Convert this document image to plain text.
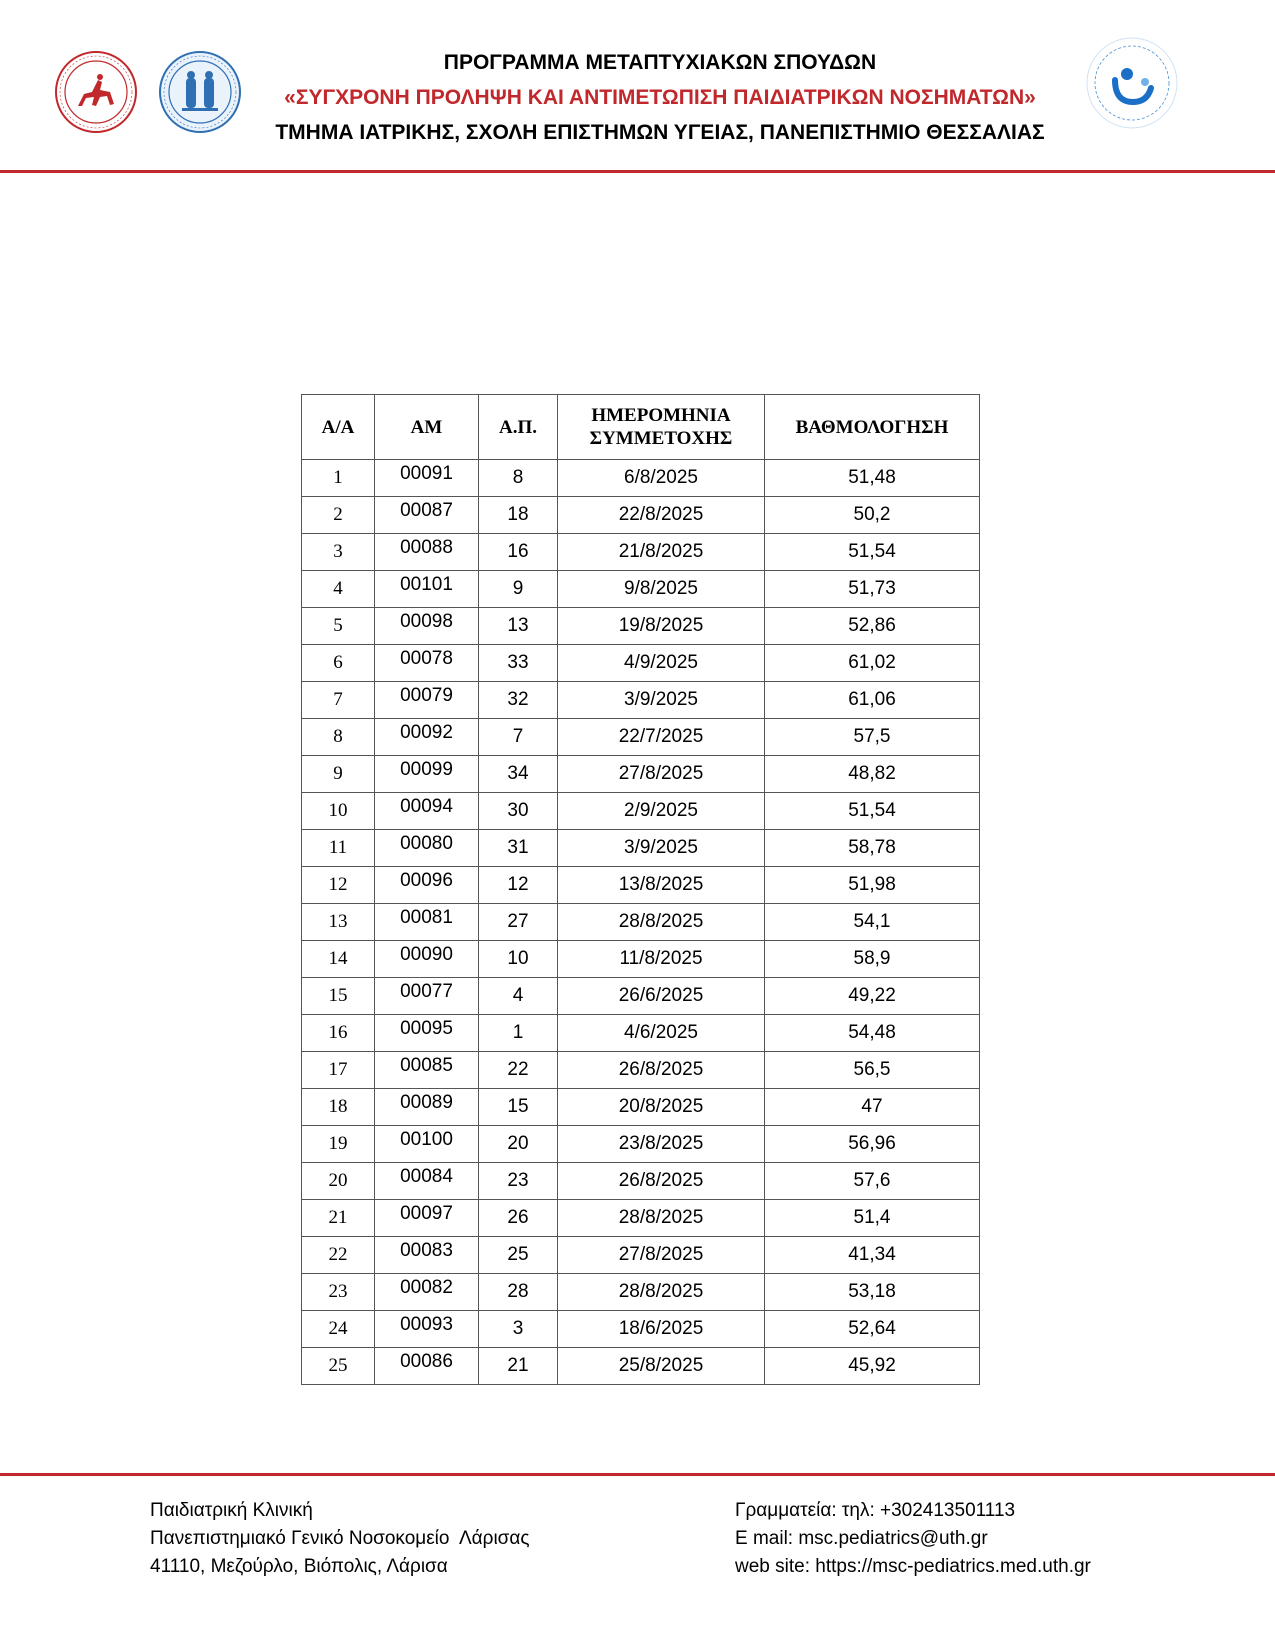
ΠΡΟΓΡΑΜΜΑ ΜΕΤΑΠΤΥΧΙΑΚΩΝ ΣΠΟΥΔΩΝ
«ΣΥΓΧΡΟΝΗ ΠΡΟΛΗΨΗ ΚΑΙ ΑΝΤΙΜΕΤΩΠΙΣΗ ΠΑΙΔΙΑΤΡΙΚΩΝ ΝΟΣΗΜΑΤΩΝ»
ΤΜΗΜΑ ΙΑΤΡΙΚΗΣ, ΣΧΟΛΗ ΕΠΙΣΤΗΜΩΝ ΥΓΕΙΑΣ, ΠΑΝΕΠΙΣΤΗΜΙΟ ΘΕΣΣΑΛΙΑΣ
Α/Α	ΑΜ	Α.Π.	ΗΜΕΡΟΜΗΝΙΑ
ΣΥΜΜΕΤΟΧΗΣ	ΒΑΘΜΟΛΟΓΗΣΗ
1	00091	8	6/8/2025	51,48
2	00087	18	22/8/2025	50,2
3	00088	16	21/8/2025	51,54
4	00101	9	9/8/2025	51,73
5	00098	13	19/8/2025	52,86
6	00078	33	4/9/2025	61,02
7	00079	32	3/9/2025	61,06
8	00092	7	22/7/2025	57,5
9	00099	34	27/8/2025	48,82
10	00094	30	2/9/2025	51,54
11	00080	31	3/9/2025	58,78
12	00096	12	13/8/2025	51,98
13	00081	27	28/8/2025	54,1
14	00090	10	11/8/2025	58,9
15	00077	4	26/6/2025	49,22
16	00095	1	4/6/2025	54,48
17	00085	22	26/8/2025	56,5
18	00089	15	20/8/2025	47
19	00100	20	23/8/2025	56,96
20	00084	23	26/8/2025	57,6
21	00097	26	28/8/2025	51,4
22	00083	25	27/8/2025	41,34
23	00082	28	28/8/2025	53,18
24	00093	3	18/6/2025	52,64
25	00086	21	25/8/2025	45,92
Παιδιατρική Κλινική
Πανεπιστημιακό Γενικό Νοσοκομείο  Λάρισας
41110, Μεζούρλο, Βιόπολις, Λάρισα
Γραμματεία: τηλ: +302413501113
E mail: msc.pediatrics@uth.gr
web site: https://msc-pediatrics.med.uth.gr
